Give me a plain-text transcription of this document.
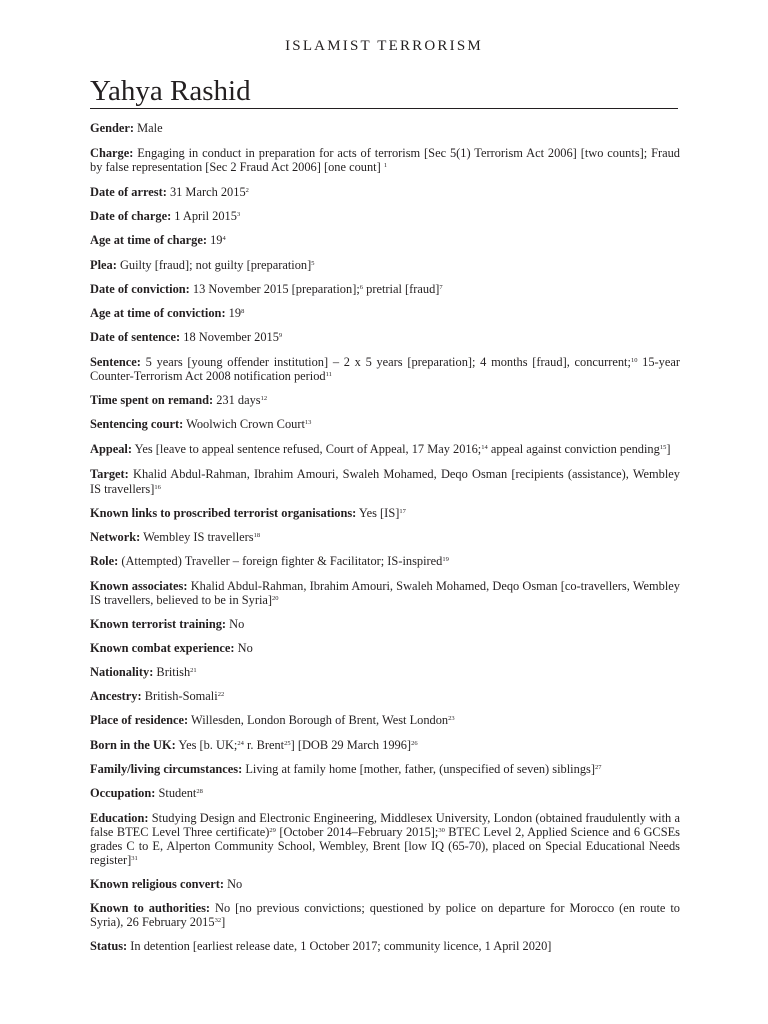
ISLAMIST TERRORISM
Yahya Rashid

Gender: Male

Charge: Engaging in conduct in preparation for acts of terrorism [Sec 5(1) Terrorism Act 2006] [two counts]; Fraud by false representation [Sec 2 Fraud Act 2006] [one count] $^1$

Date of arrest: 31 March 2015$^2$

Date of charge: 1 April 2015$^3$

Age at time of charge: $19^4$

Plea: Guilty [fraud]; not guilty [preparation]$^5$

Date of conviction: 13 November 2015 [preparation];$^6$ pretrial [fraud]$^7$

Age at time of conviction: $19^8$

Date of sentence: 18 November 2015$^9$

Sentence: 5 years [young offender institution] – 2 x 5 years [preparation]; 4 months [fraud], concurrent;$^{10}$ 15-year Counter-Terrorism Act 2008 notification period$^{11}$

Time spent on remand: 231 days$^{12}$

Sentencing court: Woolwich Crown Court$^{13}$

Appeal: Yes [leave to appeal sentence refused, Court of Appeal, 17 May 2016;$^{14}$ appeal against conviction pending$^{15}$]

Target: Khalid Abdul-Rahman, Ibrahim Amouri, Swaleh Mohamed, Deqo Osman [recipients (assistance), Wembley IS travellers]$^{16}$

Known links to proscribed terrorist organisations: Yes [IS]$^{17}$

Network: Wembley IS travellers$^{18}$

Role: (Attempted) Traveller – foreign fighter & Facilitator; IS-inspired$^{19}$

Known associates: Khalid Abdul-Rahman, Ibrahim Amouri, Swaleh Mohamed, Deqo Osman [co-travellers, Wembley IS travellers, believed to be in Syria]$^{20}$

Known terrorist training: No

Known combat experience: No

Nationality: British$^{21}$

Ancestry: British-Somali$^{22}$

Place of residence: Willesden, London Borough of Brent, West London$^{23}$

Born in the UK: Yes [b. UK;$^{24}$ r. Brent$^{25}$] [DOB 29 March 1996]$^{26}$

Family/living circumstances: Living at family home [mother, father, (unspecified of seven) siblings]$^{27}$

Occupation: Student$^{28}$

Education: Studying Design and Electronic Engineering, Middlesex University, London (obtained fraudulently with a false BTEC Level Three certificate)$^{29}$ [October 2014–February 2015];$^{30}$ BTEC Level 2, Applied Science and 6 GCSEs grades C to E, Alperton Community School, Wembley, Brent [low IQ (65-70), placed on Special Educational Needs register]$^{31}$

Known religious convert: No

Known to authorities: No [no previous convictions; questioned by police on departure for Morocco (en route to Syria), 26 February 2015$^{32}$]

Status: In detention [earliest release date, 1 October 2017; community licence, 1 April 2020]
